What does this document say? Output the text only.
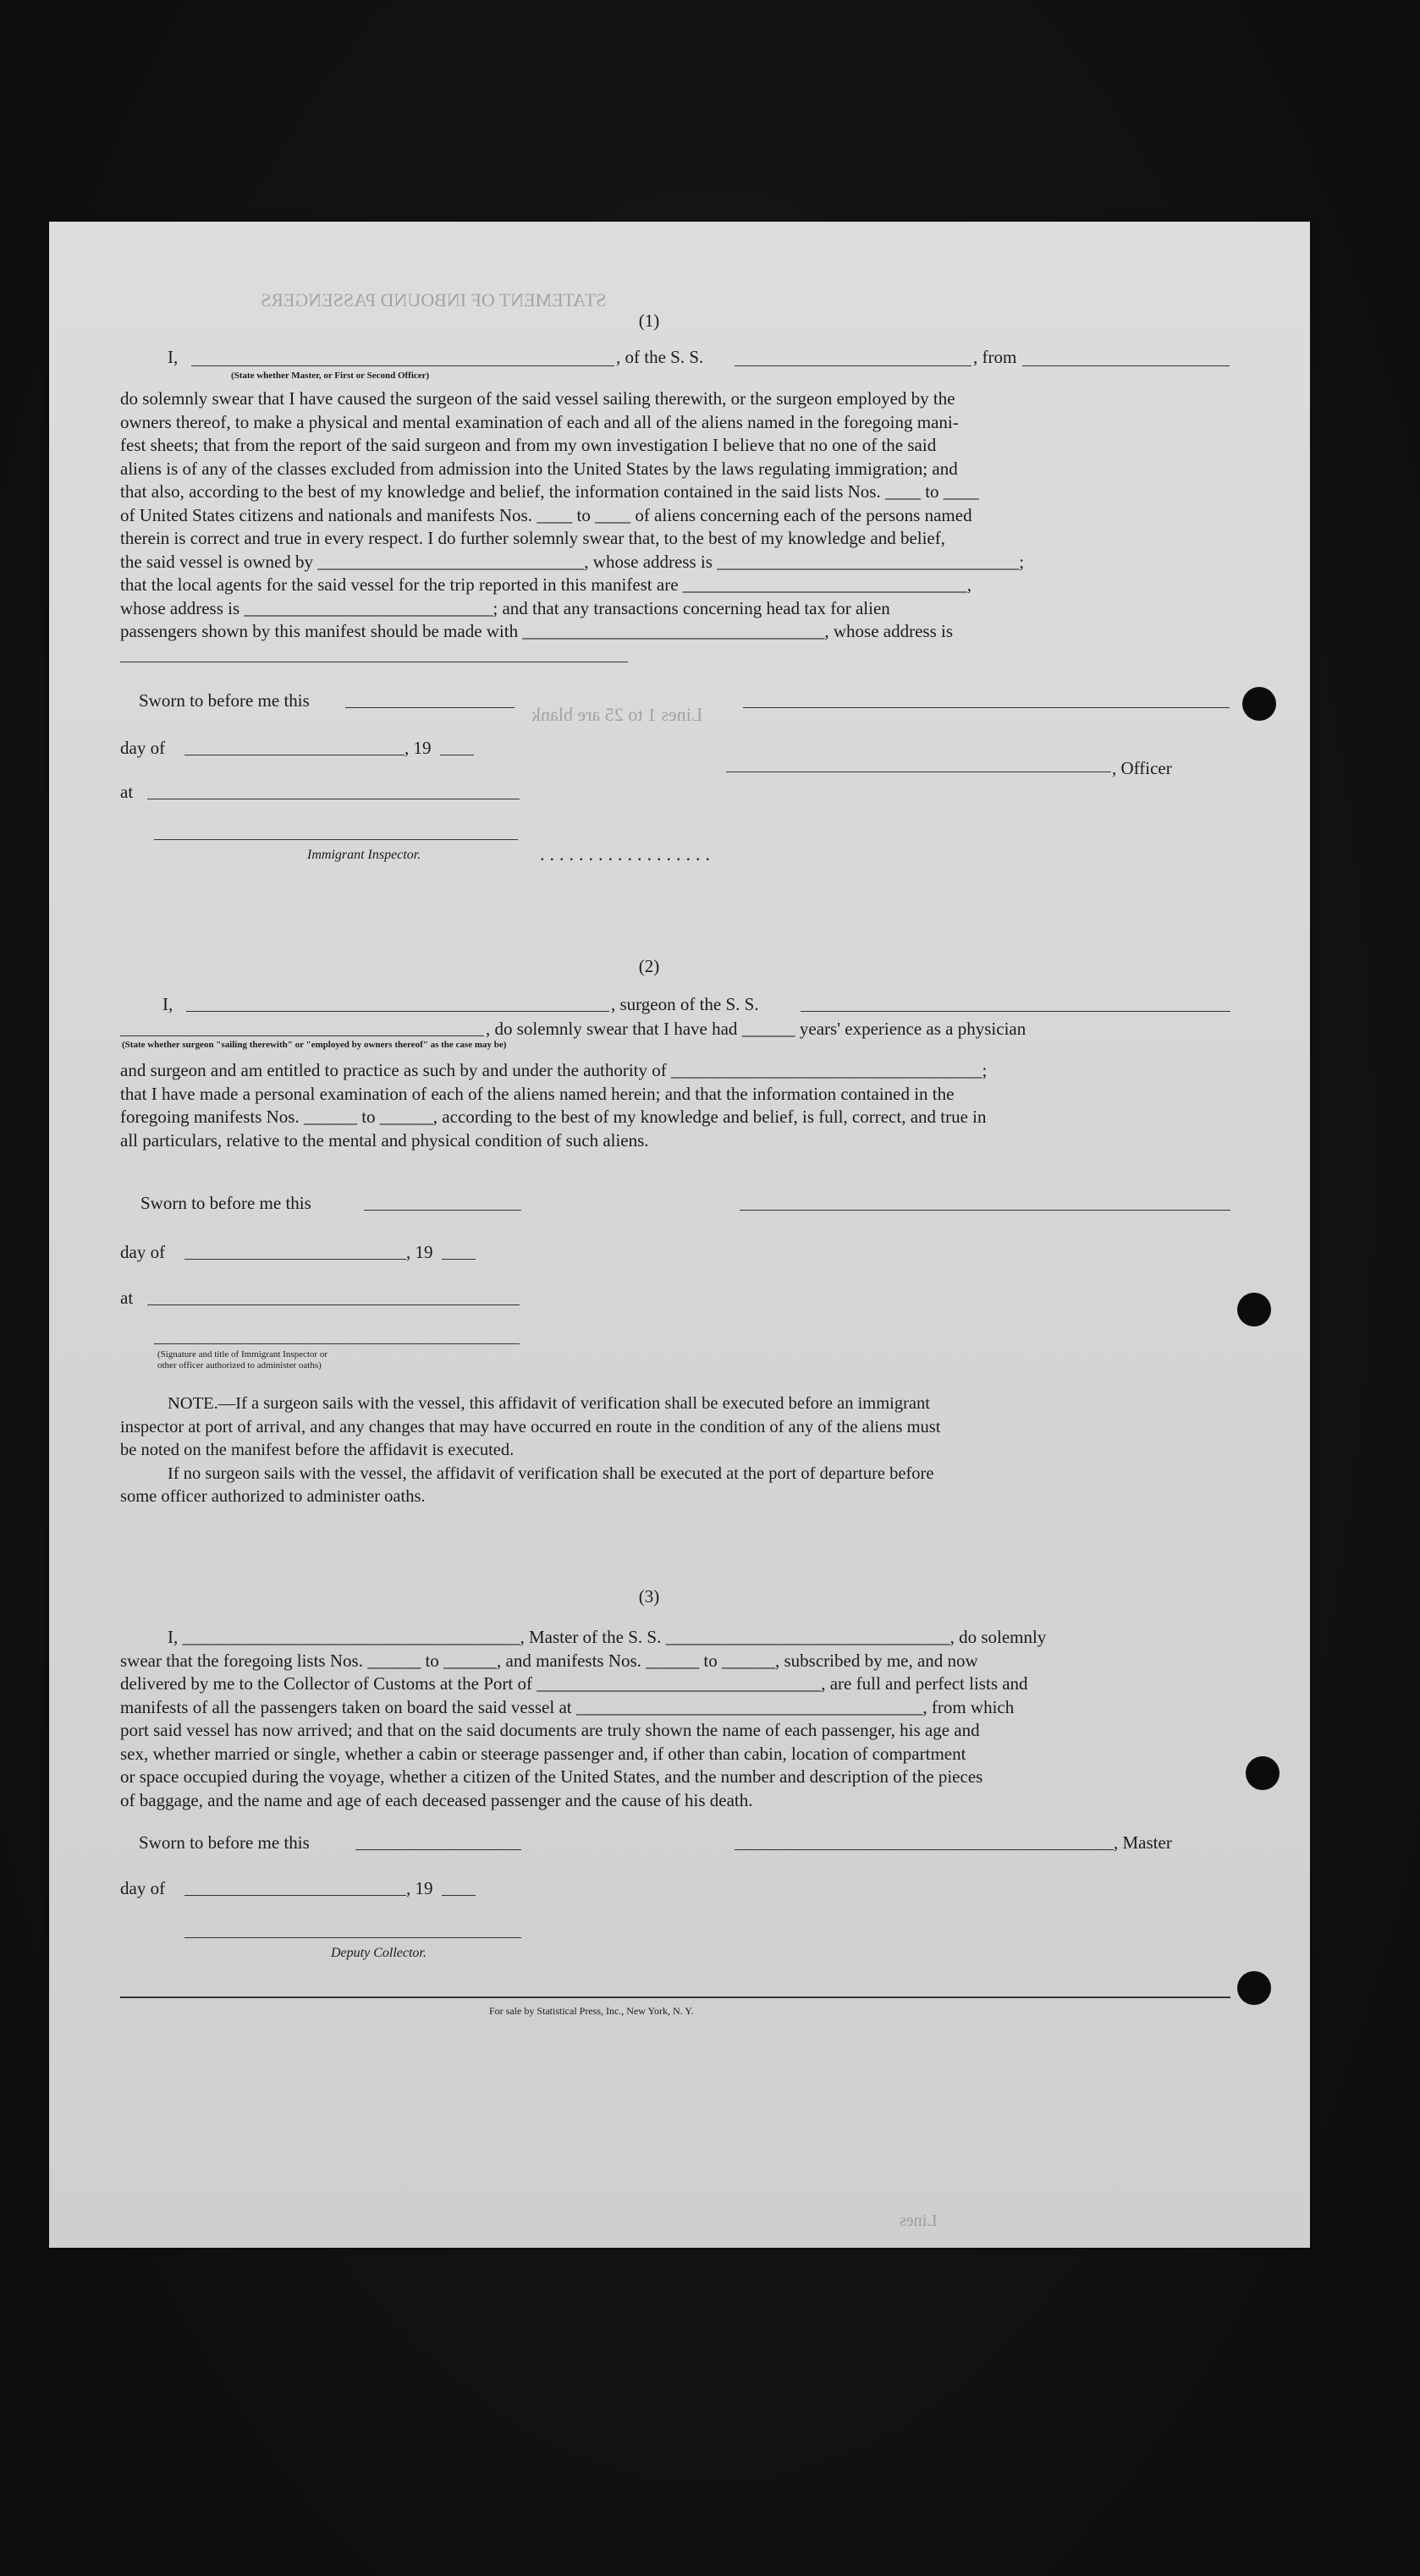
STATEMENT OF INBOUND PASSENGERS
(1)
I,
(State whether Master, or First or Second Officer)
, of the S. S.	, from
do solemnly swear that I have caused the surgeon of the said vessel sailing therewith, or the surgeon employed by the
owners thereof, to make a physical and mental examination of each and all of the aliens named in the foregoing mani-
fest sheets; that from the report of the said surgeon and from my own investigation I believe that no one of the said
aliens is of any of the classes excluded from admission into the United States by the laws regulating immigration; and
that also, according to the best of my knowledge and belief, the information contained in the said lists Nos. ____ to ____
of United States citizens and nationals and manifests Nos. ____ to ____ of aliens concerning each of the persons named
therein is correct and true in every respect. I do further solemnly swear that, to the best of my knowledge and belief,
the said vessel is owned by ______________________________, whose address is __________________________________;
that the local agents for the said vessel for the trip reported in this manifest are ________________________________,
whose address is ____________________________; and that any transactions concerning head tax for alien
passengers shown by this manifest should be made with __________________________________, whose address is
Sworn to before me this
Lines 1 to 25 are blank
day of	, 19
, Officer
at
Immigrant Inspector.	..................
(2)
I,	, surgeon of the S. S.
, do solemnly swear that I have had ______ years' experience as a physician
(State whether surgeon "sailing therewith" or "employed by owners thereof" as the case may be)
and surgeon and am entitled to practice as such by and under the authority of ___________________________________;
that I have made a personal examination of each of the aliens named herein; and that the information contained in the
foregoing manifests Nos. ______ to ______, according to the best of my knowledge and belief, is full, correct, and true in
all particulars, relative to the mental and physical condition of such aliens.
Sworn to before me this
day of	, 19
at
(Signature and title of Immigrant Inspector or
other officer authorized to administer oaths)
NOTE.—If a surgeon sails with the vessel, this affidavit of verification shall be executed before an immigrant
inspector at port of arrival, and any changes that may have occurred en route in the condition of any of the aliens must
be noted on the manifest before the affidavit is executed.
If no surgeon sails with the vessel, the affidavit of verification shall be executed at the port of departure before
some officer authorized to administer oaths.
(3)
I, ______________________________________, Master of the S. S. ________________________________, do solemnly
swear that the foregoing lists Nos. ______ to ______, and manifests Nos. ______ to ______, subscribed by me, and now
delivered by me to the Collector of Customs at the Port of ________________________________, are full and perfect lists and
manifests of all the passengers taken on board the said vessel at _______________________________________, from which
port said vessel has now arrived; and that on the said documents are truly shown the name of each passenger, his age and
sex, whether married or single, whether a cabin or steerage passenger and, if other than cabin, location of compartment
or space occupied during the voyage, whether a citizen of the United States, and the number and description of the pieces
of baggage, and the name and age of each deceased passenger and the cause of his death.
Sworn to before me this	, Master
day of	, 19
Deputy Collector.
For sale by Statistical Press, Inc., New York, N. Y.
Lines
